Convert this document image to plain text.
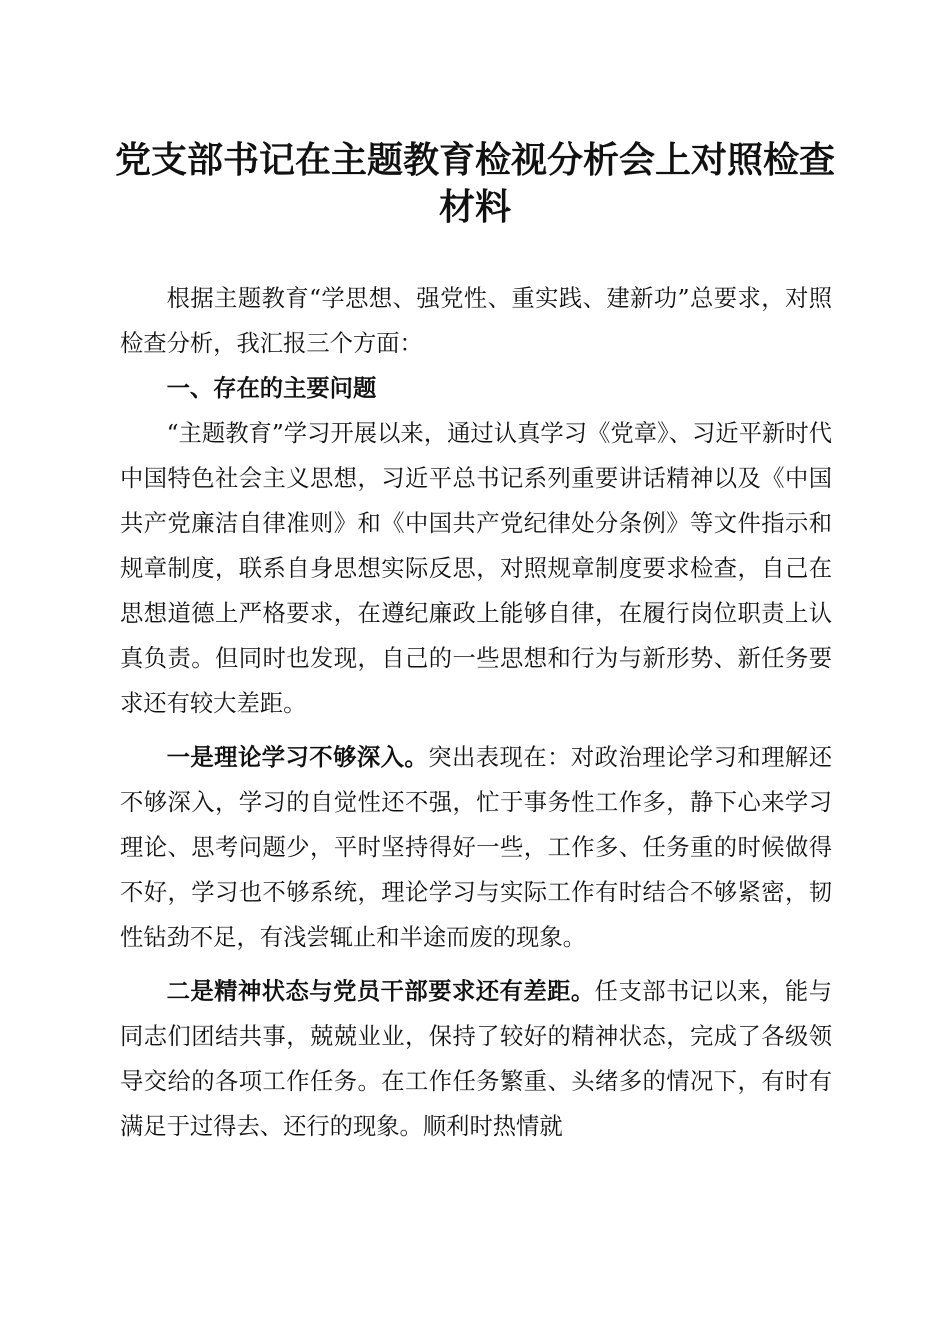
党支部书记在主题教育检视分析会上对照检查
材料

根据主题教育“学思想、强党性、重实践、建新功”总要求，对照检查分析，我汇报三个方面：

一、存在的主要问题

“主题教育”学习开展以来，通过认真学习《党章》、习近平新时代中国特色社会主义思想，习近平总书记系列重要讲话精神以及《中国共产党廉洁自律准则》和《中国共产党纪律处分条例》等文件指示和规章制度，联系自身思想实际反思，对照规章制度要求检查，自己在思想道德上严格要求，在遵纪廉政上能够自律，在履行岗位职责上认真负责。但同时也发现，自己的一些思想和行为与新形势、新任务要求还有较大差距。

一是理论学习不够深入。突出表现在：对政治理论学习和理解还不够深入，学习的自觉性还不强，忙于事务性工作多，静下心来学习理论、思考问题少，平时坚持得好一些，工作多、任务重的时候做得不好，学习也不够系统，理论学习与实际工作有时结合不够紧密，韧性钻劲不足，有浅尝辄止和半途而废的现象。

二是精神状态与党员干部要求还有差距。任支部书记以来，能与同志们团结共事，兢兢业业，保持了较好的精神状态，完成了各级领导交给的各项工作任务。在工作任务繁重、头绪多的情况下，有时有满足于过得去、还行的现象。顺利时热情就
